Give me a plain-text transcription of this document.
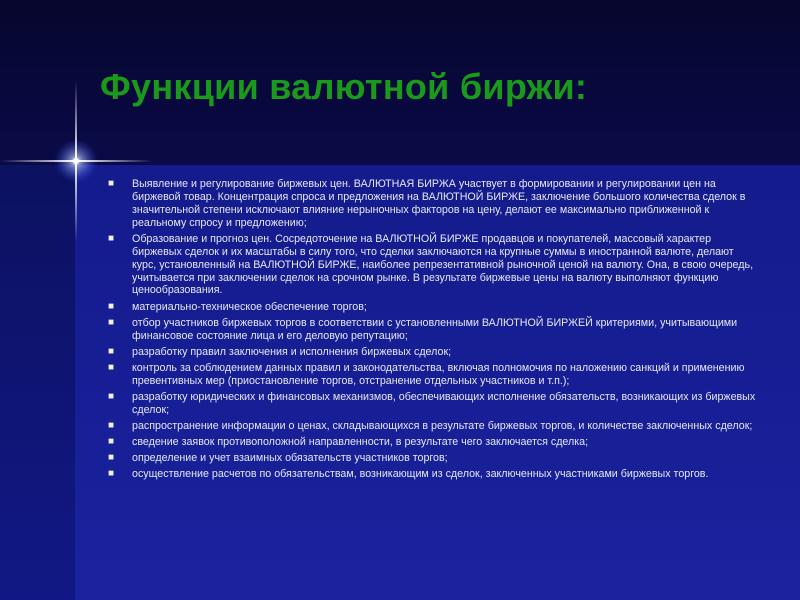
Функции валютной биржи:
■ Выявление и регулирование биржевых цен. ВАЛЮТНАЯ БИРЖА участвует в формировании и регулировании цен на биржевой товар. Концентрация спроса и предложения на ВАЛЮТНОЙ БИРЖЕ, заключение большого количества сделок в значительной степени исключают влияние нерыночных факторов на цену, делают ее максимально приближенной к реальному спросу и предложению;
■ Образование и прогноз цен. Сосредоточение на ВАЛЮТНОЙ БИРЖЕ продавцов и покупателей, массовый характер биржевых сделок и их масштабы в силу того, что сделки заключаются на крупные суммы в иностранной валюте, делают курс, установленный на ВАЛЮТНОЙ БИРЖЕ, наиболее репрезентативной рыночной ценой на валюту. Она, в свою очередь, учитывается при заключении сделок на срочном рынке. В результате биржевые цены на валюту выполняют функцию ценообразования.
■ материально-техническое обеспечение торгов;
■ отбор участников биржевых торгов в соответствии с установленными ВАЛЮТНОЙ БИРЖЕЙ критериями, учитывающими финансовое состояние лица и его деловую репутацию;
■ разработку правил заключения и исполнения биржевых сделок;
■ контроль за соблюдением данных правил и законодательства, включая полномочия по наложению санкций и применению превентивных мер (приостановление торгов, отстранение отдельных участников и т.п.);
■ разработку юридических и финансовых механизмов, обеспечивающих исполнение обязательств, возникающих из биржевых сделок;
■ распространение информации о ценах, складывающихся в результате биржевых торгов, и количестве заключенных сделок;
■ сведение заявок противоположной направленности, в результате чего заключается сделка;
■ определение и учет взаимных обязательств участников торгов;
■ осуществление расчетов по обязательствам, возникающим из сделок, заключенных участниками биржевых торгов.
